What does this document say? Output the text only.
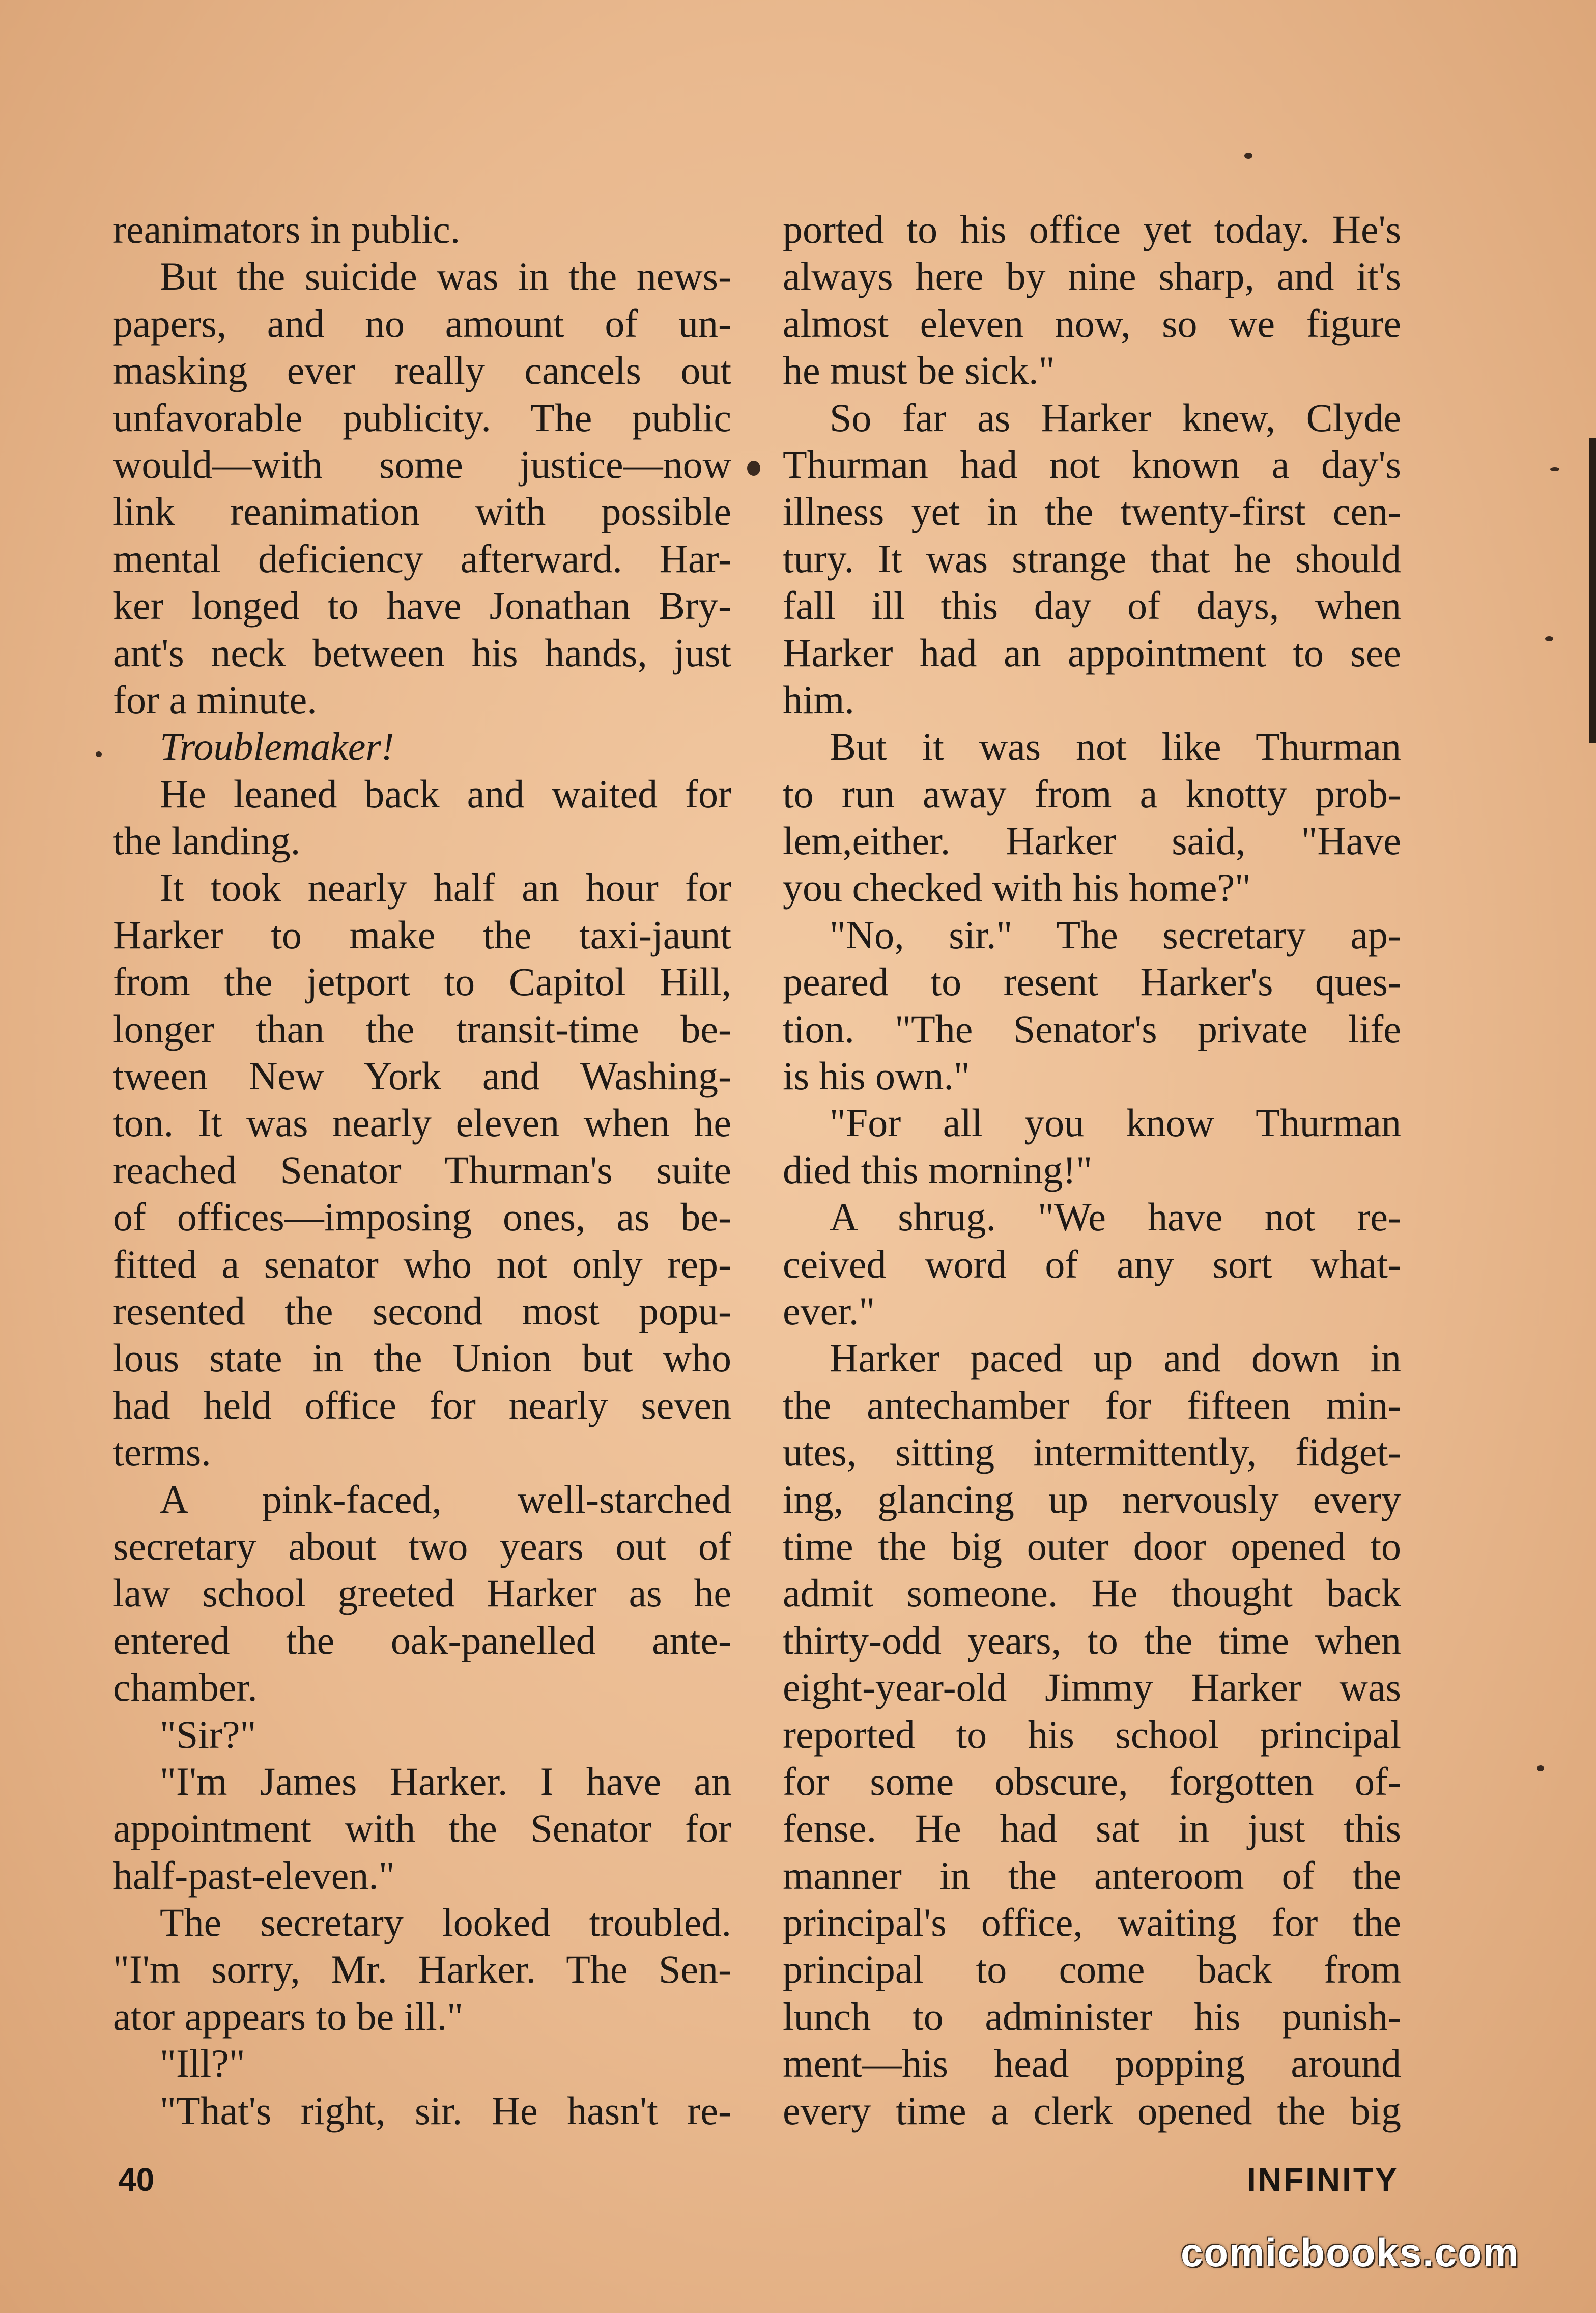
reanimators in public.
But the suicide was in the news-
papers, and no amount of un-
masking ever really cancels out
unfavorable publicity. The public
would—with some justice—now
link reanimation with possible
mental deficiency afterward. Har-
ker longed to have Jonathan Bry-
ant's neck between his hands, just
for a minute.
Troublemaker!
He leaned back and waited for
the landing.
It took nearly half an hour for
Harker to make the taxi-jaunt
from the jetport to Capitol Hill,
longer than the transit-time be-
tween New York and Washing-
ton. It was nearly eleven when he
reached Senator Thurman's suite
of offices—imposing ones, as be-
fitted a senator who not only rep-
resented the second most popu-
lous state in the Union but who
had held office for nearly seven
terms.
A pink-faced, well-starched
secretary about two years out of
law school greeted Harker as he
entered the oak-panelled ante-
chamber.
"Sir?"
"I'm James Harker. I have an
appointment with the Senator for
half-past-eleven."
The secretary looked troubled.
"I'm sorry, Mr. Harker. The Sen-
ator appears to be ill."
"Ill?"
"That's right, sir. He hasn't re-
ported to his office yet today. He's
always here by nine sharp, and it's
almost eleven now, so we figure
he must be sick."
So far as Harker knew, Clyde
Thurman had not known a day's
illness yet in the twenty-first cen-
tury. It was strange that he should
fall ill this day of days, when
Harker had an appointment to see
him.
But it was not like Thurman
to run away from a knotty prob-
lem,either. Harker said, "Have
you checked with his home?"
"No, sir." The secretary ap-
peared to resent Harker's ques-
tion. "The Senator's private life
is his own."
"For all you know Thurman
died this morning!"
A shrug. "We have not re-
ceived word of any sort what-
ever."
Harker paced up and down in
the antechamber for fifteen min-
utes, sitting intermittently, fidget-
ing, glancing up nervously every
time the big outer door opened to
admit someone. He thought back
thirty-odd years, to the time when
eight-year-old Jimmy Harker was
reported to his school principal
for some obscure, forgotten of-
fense. He had sat in just this
manner in the anteroom of the
principal's office, waiting for the
principal to come back from
lunch to administer his punish-
ment—his head popping around
every time a clerk opened the big
40	INFINITY
comicbooks.com
